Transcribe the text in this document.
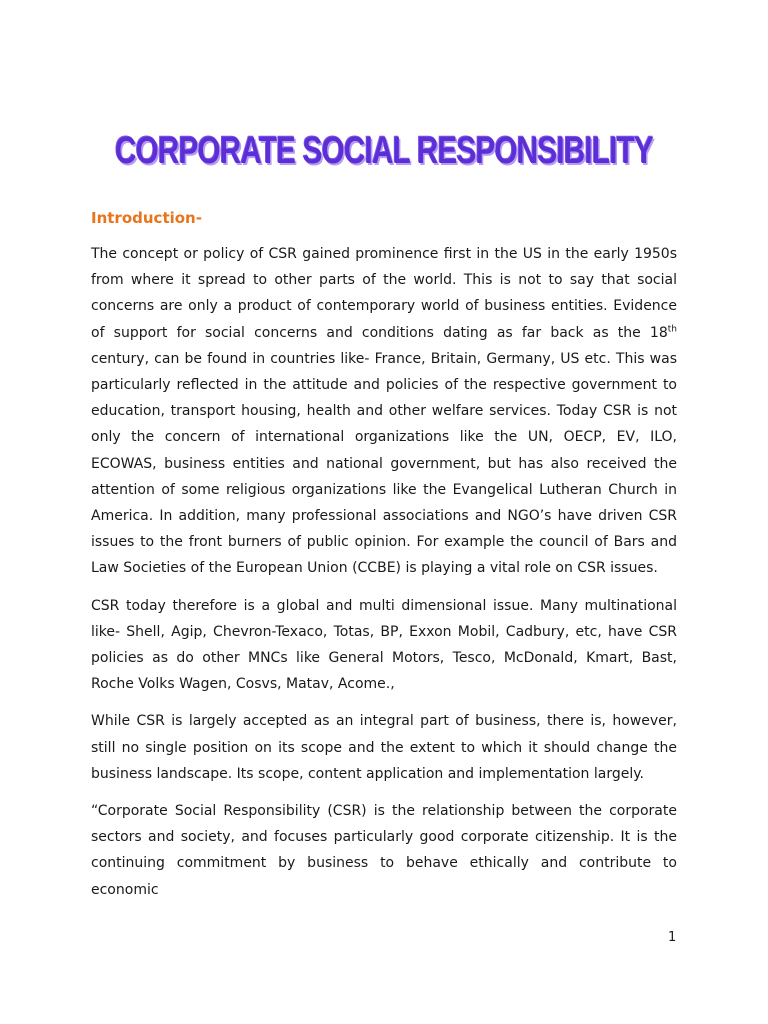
CORPORATE SOCIAL RESPONSIBILITY
Introduction-

The concept or policy of CSR gained prominence first in the US in the early 1950s from where it spread to other parts of the world. This is not to say that social concerns are only a product of contemporary world of business entities. Evidence of support for social concerns and conditions dating as far back as the 18th century, can be found in countries like- France, Britain, Germany, US etc. This was particularly reflected in the attitude and policies of the respective government to education, transport housing, health and other welfare services. Today CSR is not only the concern of international organizations like the UN, OECP, EV, ILO, ECOWAS, business entities and national government, but has also received the attention of some religious organizations like the Evangelical Lutheran Church in America. In addition, many professional associations and NGO’s have driven CSR issues to the front burners of public opinion. For example the council of Bars and Law Societies of the European Union (CCBE) is playing a vital role on CSR issues.

CSR today therefore is a global and multi dimensional issue. Many multinational like- Shell, Agip, Chevron-Texaco, Totas, BP, Exxon Mobil, Cadbury, etc, have CSR policies as do other MNCs like General Motors, Tesco, McDonald, Kmart, Bast, Roche Volks Wagen, Cosvs, Matav, Acome.,

While CSR is largely accepted as an integral part of business, there is, however, still no single position on its scope and the extent to which it should change the business landscape. Its scope, content application and implementation largely.

“Corporate Social Responsibility (CSR) is the relationship between the corporate sectors and society, and focuses particularly good corporate citizenship. It is the continuing commitment by business to behave ethically and contribute to economic

1
